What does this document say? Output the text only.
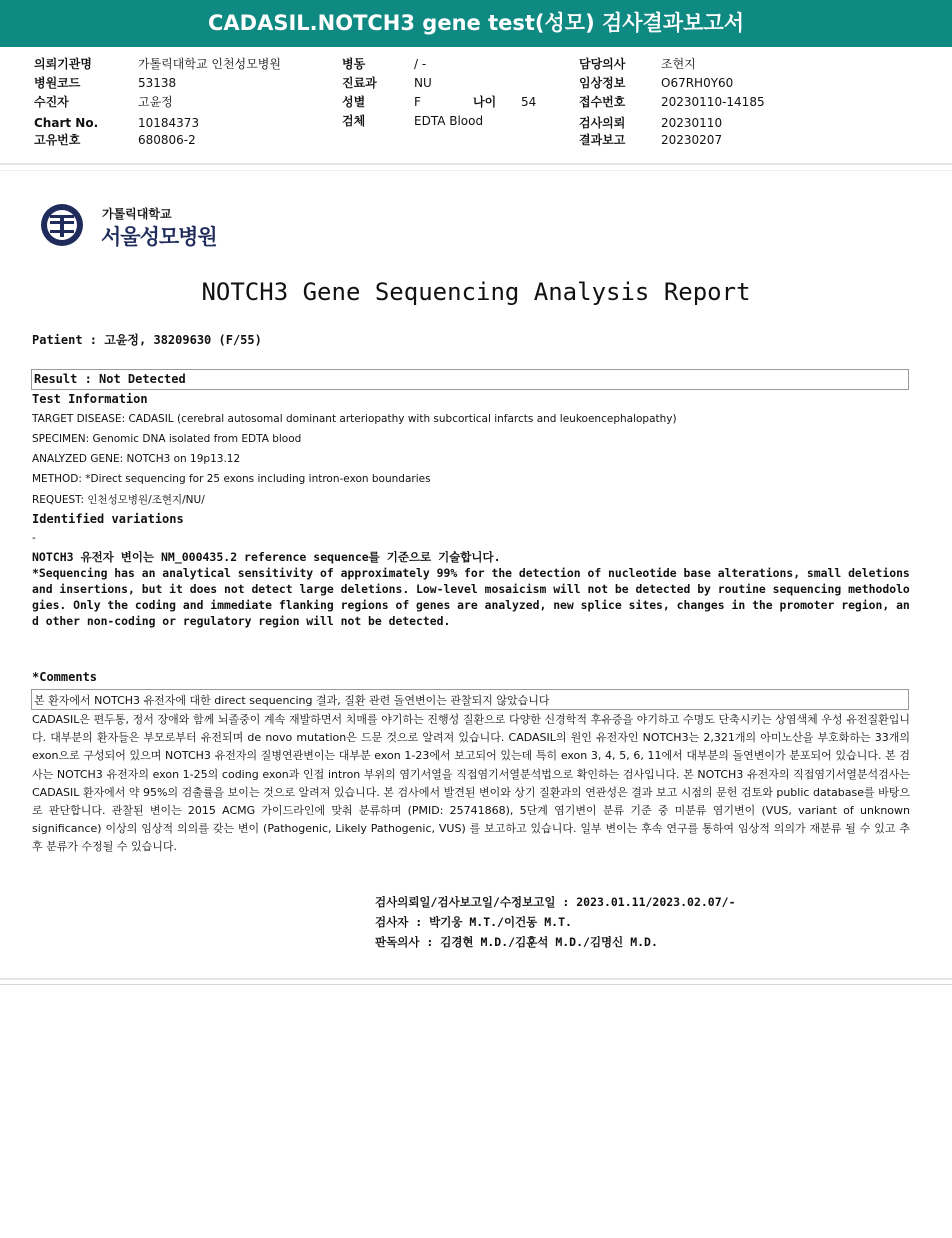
CADASIL.NOTCH3 gene test(성모) 검사결과보고서
의뢰기관명	가톨릭대학교 인천성모병원
병원코드	53138
수진자	고윤정
Chart No.	10184373
고유번호	680806-2
병동	/ -
진료과	NU
성별	F	나이 54
검체	EDTA Blood
담당의사	조현지
임상정보	O67RH0Y60
접수번호	20230110-14185
검사의뢰	20230110
결과보고	20230207
가톨릭대학교
서울성모병원
NOTCH3 Gene Sequencing Analysis Report
Patient : 고윤정, 38209630 (F/55)
Result : Not Detected
Test Information
TARGET DISEASE: CADASIL (cerebral autosomal dominant arteriopathy with subcortical infarcts and leukoencephalopathy)
SPECIMEN: Genomic DNA isolated from EDTA blood
ANALYZED GENE: NOTCH3 on 19p13.12
METHOD: *Direct sequencing for 25 exons including intron-exon boundaries
REQUEST: 인천성모병원/조현지/NU/
Identified variations
-
NOTCH3 유전자 변이는 NM_000435.2 reference sequence를 기준으로 기술합니다.
*Sequencing has an analytical sensitivity of approximately 99% for the detection of nucleotide base alterations, small deletions and insertions, but it does not detect large deletions. Low-level mosaicism will not be detected by routine sequencing methodologies. Only the coding and immediate flanking regions of genes are analyzed, new splice sites, changes in the promoter region, and other non-coding or regulatory region will not be detected.
*Comments
본 환자에서 NOTCH3 유전자에 대한 direct sequencing 결과, 질환 관련 돌연변이는 관찰되지 않았습니다
CADASIL은 편두통, 정서 장애와 함께 뇌졸중이 계속 재발하면서 치매를 야기하는 진행성 질환으로 다양한 신경학적 후유증을 야기하고 수명도 단축시키는 상염색체 우성 유전질환입니다. 대부분의 환자들은 부모로부터 유전되며 de novo mutation은 드문 것으로 알려져 있습니다. CADASIL의 원인 유전자인 NOTCH3는 2,321개의 아미노산을 부호화하는 33개의 exon으로 구성되어 있으며 NOTCH3 유전자의 질병연관변이는 대부분 exon 1-23에서 보고되어 있는데 특히 exon 3, 4, 5, 6, 11에서 대부분의 돌연변이가 분포되어 있습니다. 본 검사는 NOTCH3 유전자의 exon 1-25의 coding exon과 인접 intron 부위의 염기서열을 직접염기서열분석법으로 확인하는 검사입니다. 본 NOTCH3 유전자의 직접염기서열분석검사는 CADASIL 환자에서 약 95%의 검출률을 보이는 것으로 알려져 있습니다. 본 검사에서 발견된 변이와 상기 질환과의 연관성은 결과 보고 시점의 문헌 검토와 public database를 바탕으로 판단합니다. 관찰된 변이는 2015 ACMG 가이드라인에 맞춰 분류하며 (PMID: 25741868), 5단계 염기변이 분류 기준 중 미분류 염기변이 (VUS, variant of unknown significance) 이상의 임상적 의의를 갖는 변이 (Pathogenic, Likely Pathogenic, VUS) 를 보고하고 있습니다. 일부 변이는 후속 연구를 통하여 임상적 의의가 재분류 될 수 있고 추후 분류가 수정될 수 있습니다.
검사의뢰일/검사보고일/수정보고일 : 2023.01.11/2023.02.07/-
검사자 : 박기웅 M.T./이건동 M.T.
판독의사 : 김경현 M.D./김훈석 M.D./김명신 M.D.
